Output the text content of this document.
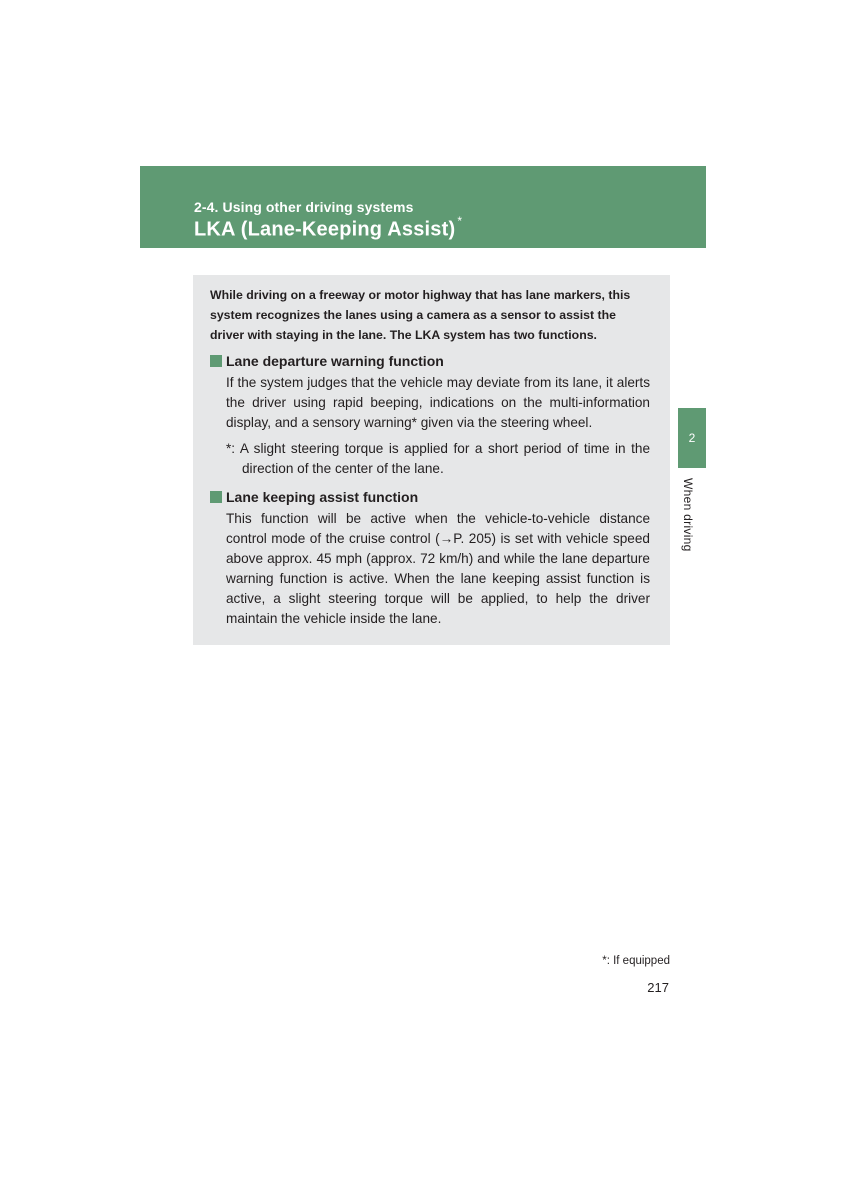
2-4. Using other driving systems
LKA (Lane-Keeping Assist) *
2
When driving

While driving on a freeway or motor highway that has lane markers, this system recognizes the lanes using a camera as a sensor to assist the driver with staying in the lane. The LKA system has two functions.

Lane departure warning function

If the system judges that the vehicle may deviate from its lane, it alerts the driver using rapid beeping, indications on the multi-information display, and a sensory warning* given via the steering wheel.

*: A slight steering torque is applied for a short period of time in the direction of the center of the lane.

Lane keeping assist function

This function will be active when the vehicle-to-vehicle distance control mode of the cruise control (→P. 205) is set with vehicle speed above approx. 45 mph (approx. 72 km/h) and while the lane departure warning function is active. When the lane keeping assist function is active, a slight steering torque will be applied, to help the driver maintain the vehicle inside the lane.

*: If equipped
217
